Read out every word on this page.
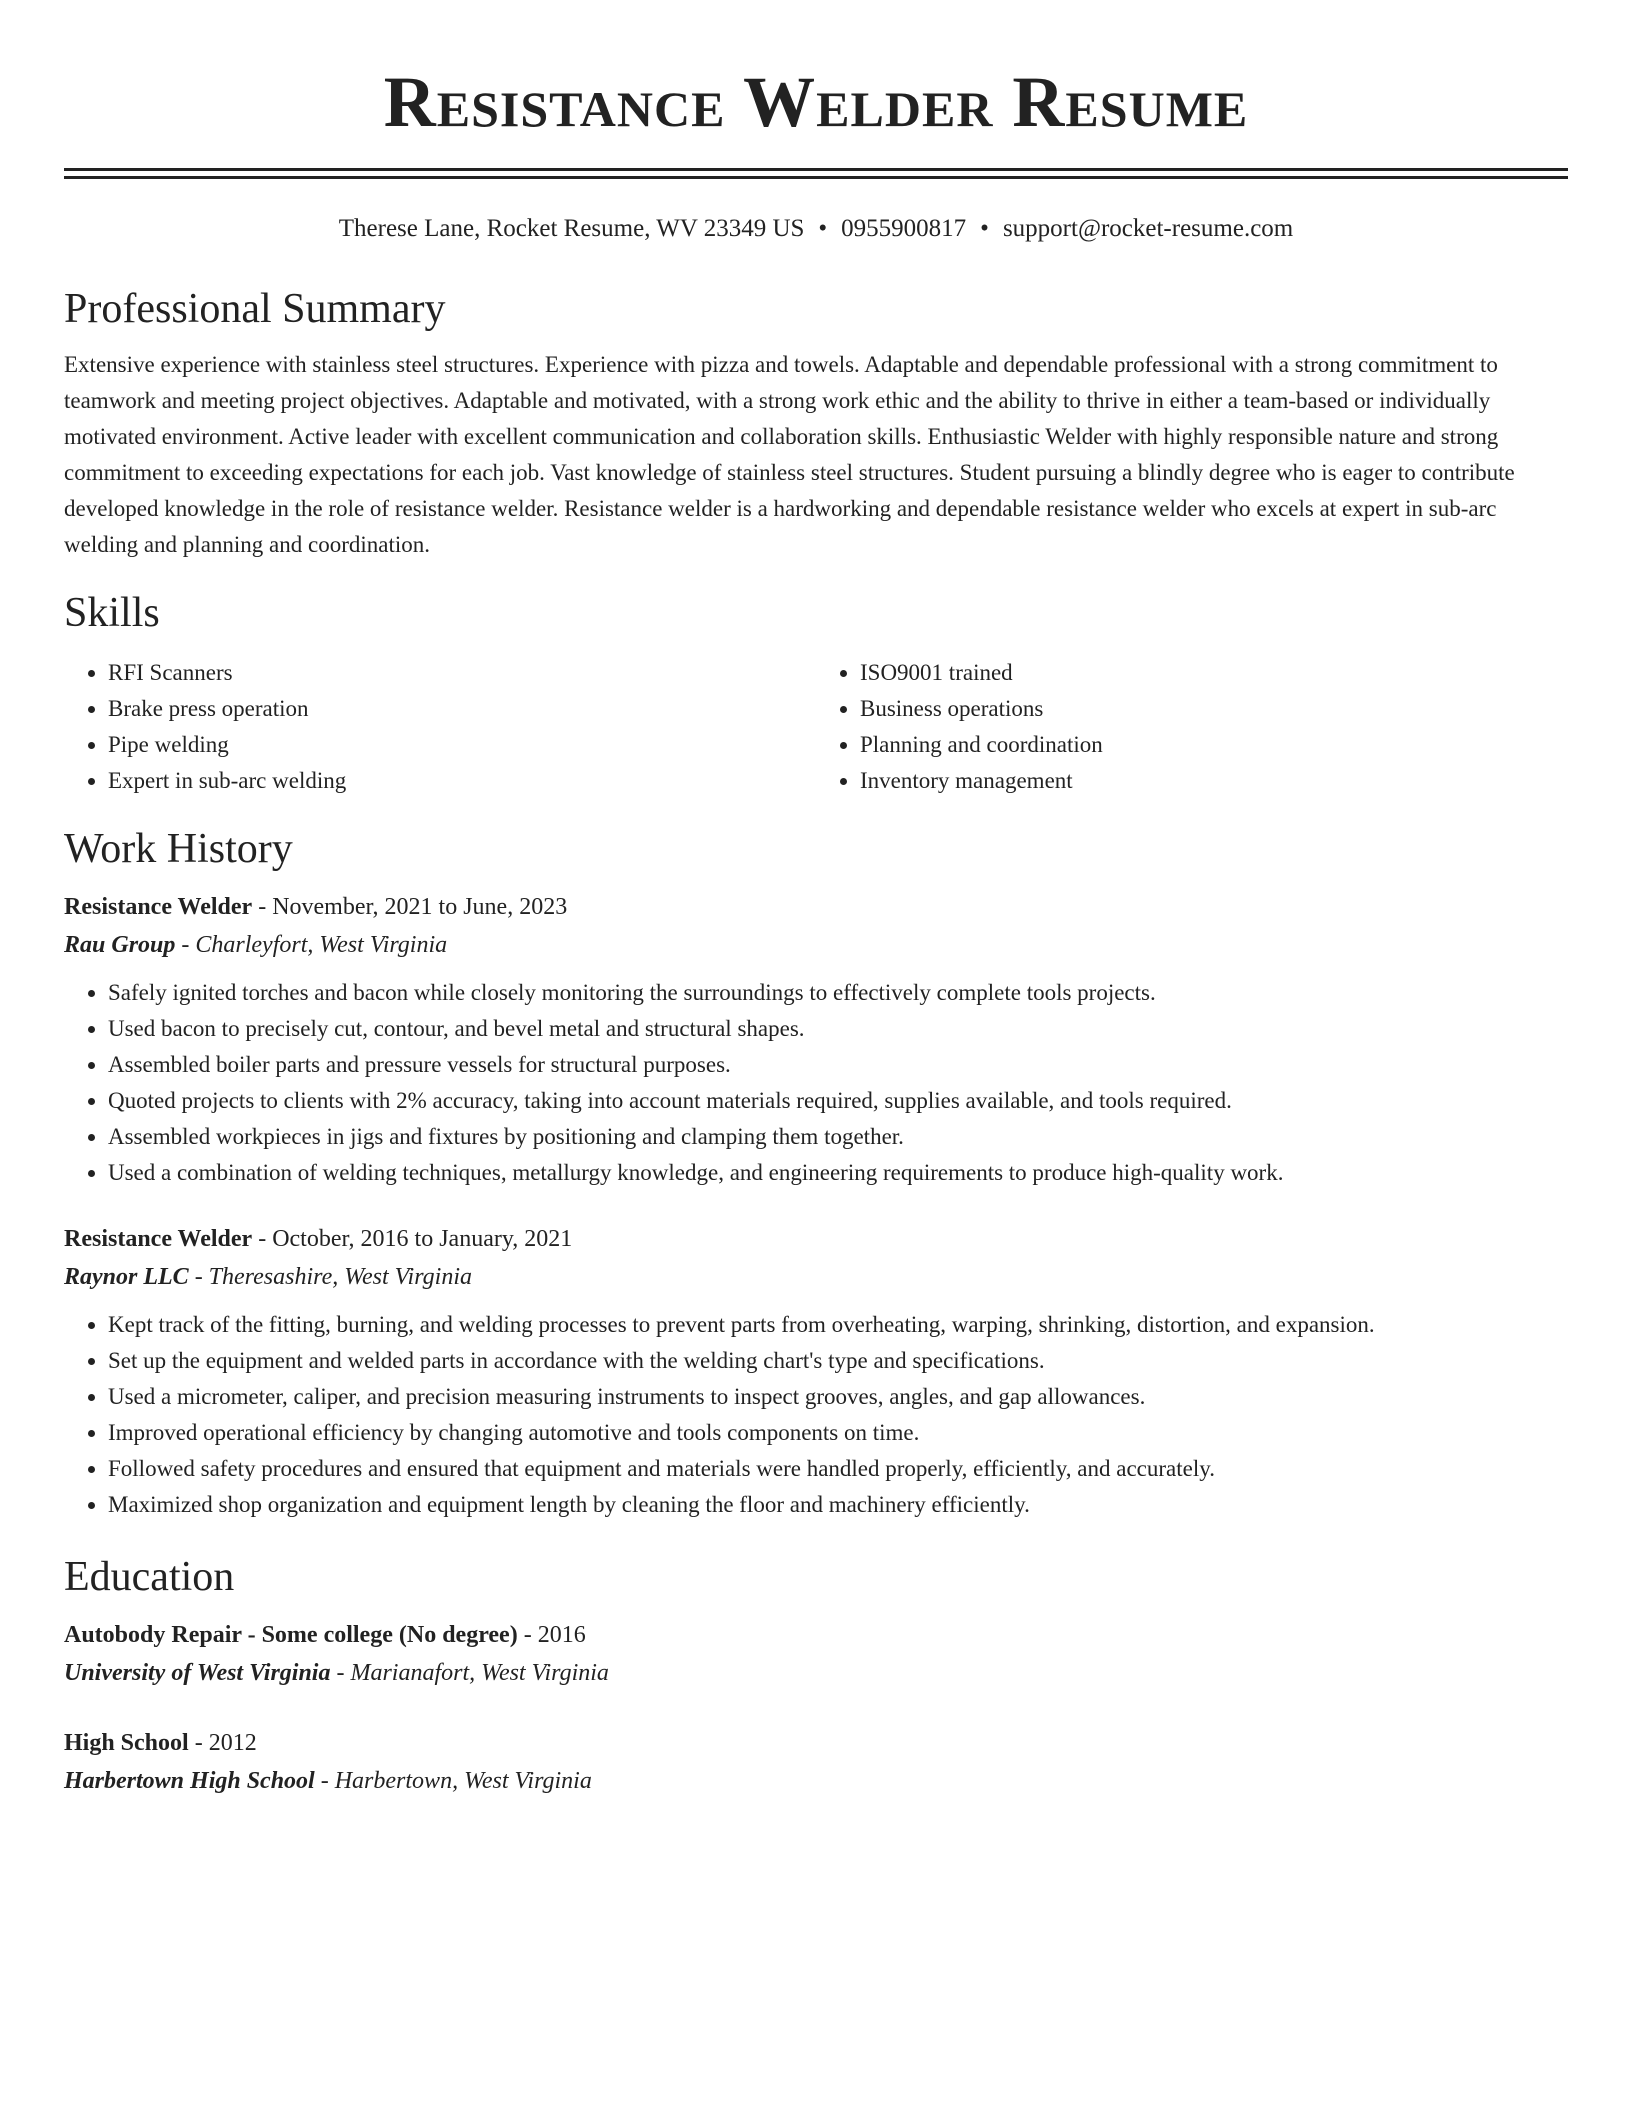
Resistance Welder Resume
Therese Lane, Rocket Resume, WV 23349 US • 0955900817 • support@rocket-resume.com
Professional Summary
Extensive experience with stainless steel structures. Experience with pizza and towels. Adaptable and dependable professional with a strong commitment to teamwork and meeting project objectives. Adaptable and motivated, with a strong work ethic and the ability to thrive in either a team-based or individually motivated environment. Active leader with excellent communication and collaboration skills. Enthusiastic Welder with highly responsible nature and strong commitment to exceeding expectations for each job. Vast knowledge of stainless steel structures. Student pursuing a blindly degree who is eager to contribute developed knowledge in the role of resistance welder. Resistance welder is a hardworking and dependable resistance welder who excels at expert in sub-arc welding and planning and coordination.
Skills
• RFI Scanners
• Brake press operation
• Pipe welding
• Expert in sub-arc welding
• ISO9001 trained
• Business operations
• Planning and coordination
• Inventory management
Work History
Resistance Welder - November, 2021 to June, 2023
Rau Group - Charleyfort, West Virginia
• Safely ignited torches and bacon while closely monitoring the surroundings to effectively complete tools projects.
• Used bacon to precisely cut, contour, and bevel metal and structural shapes.
• Assembled boiler parts and pressure vessels for structural purposes.
• Quoted projects to clients with 2% accuracy, taking into account materials required, supplies available, and tools required.
• Assembled workpieces in jigs and fixtures by positioning and clamping them together.
• Used a combination of welding techniques, metallurgy knowledge, and engineering requirements to produce high-quality work.
Resistance Welder - October, 2016 to January, 2021
Raynor LLC - Theresashire, West Virginia
• Kept track of the fitting, burning, and welding processes to prevent parts from overheating, warping, shrinking, distortion, and expansion.
• Set up the equipment and welded parts in accordance with the welding chart's type and specifications.
• Used a micrometer, caliper, and precision measuring instruments to inspect grooves, angles, and gap allowances.
• Improved operational efficiency by changing automotive and tools components on time.
• Followed safety procedures and ensured that equipment and materials were handled properly, efficiently, and accurately.
• Maximized shop organization and equipment length by cleaning the floor and machinery efficiently.
Education
Autobody Repair - Some college (No degree) - 2016
University of West Virginia - Marianafort, West Virginia
High School - 2012
Harbertown High School - Harbertown, West Virginia
